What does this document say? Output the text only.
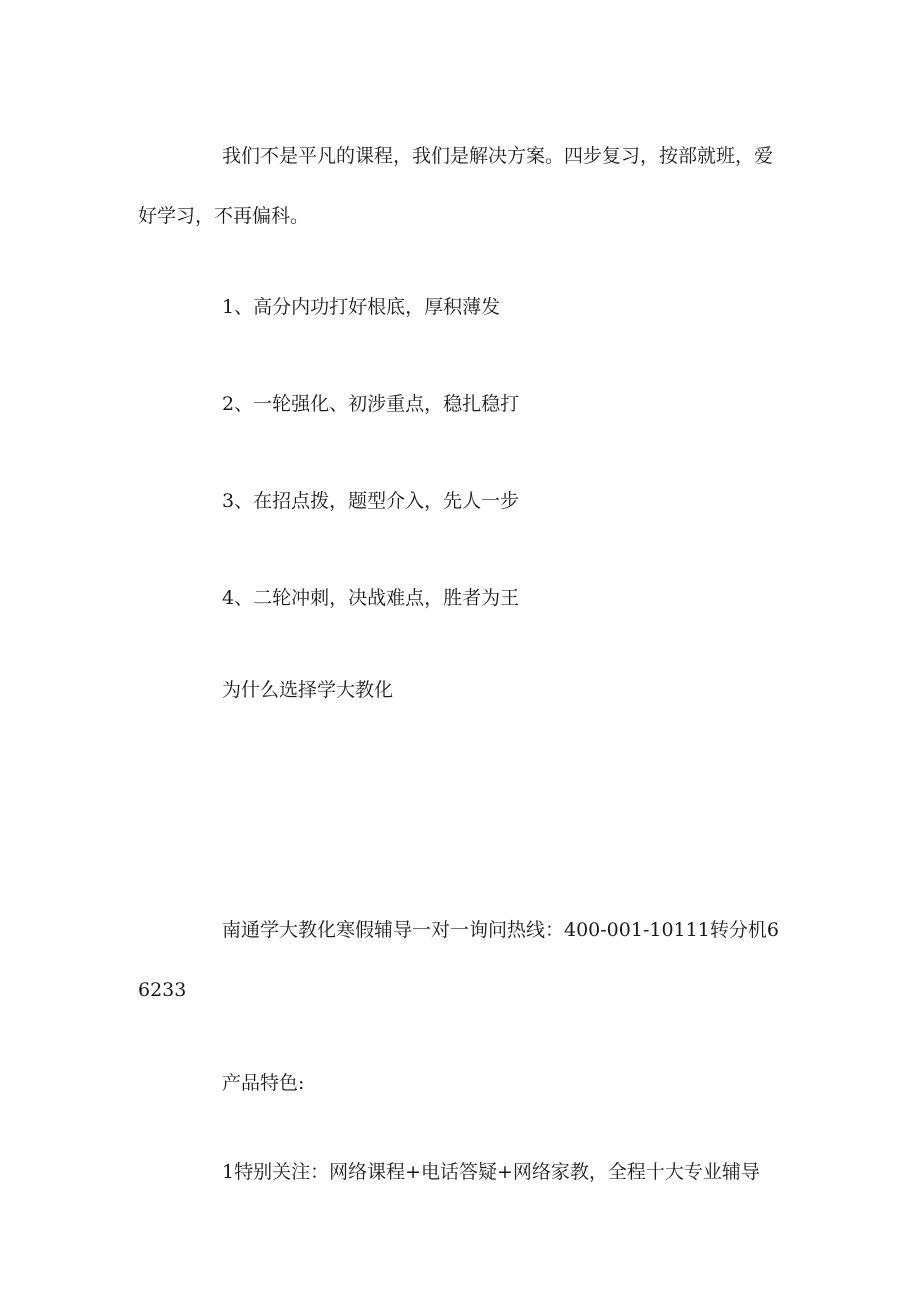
我们不是平凡的课程，我们是解决方案。四步复习，按部就班，爱好学习，不再偏科。

1、高分内功打好根底，厚积薄发

2、一轮强化、初涉重点，稳扎稳打

3、在招点拨，题型介入，先人一步

4、二轮冲刺，决战难点，胜者为王

为什么选择学大教化

南通学大教化寒假辅导一对一询问热线：400-001-10111转分机66233

产品特色:

1特别关注：网络课程+电话答疑+网络家教，全程十大专业辅导
